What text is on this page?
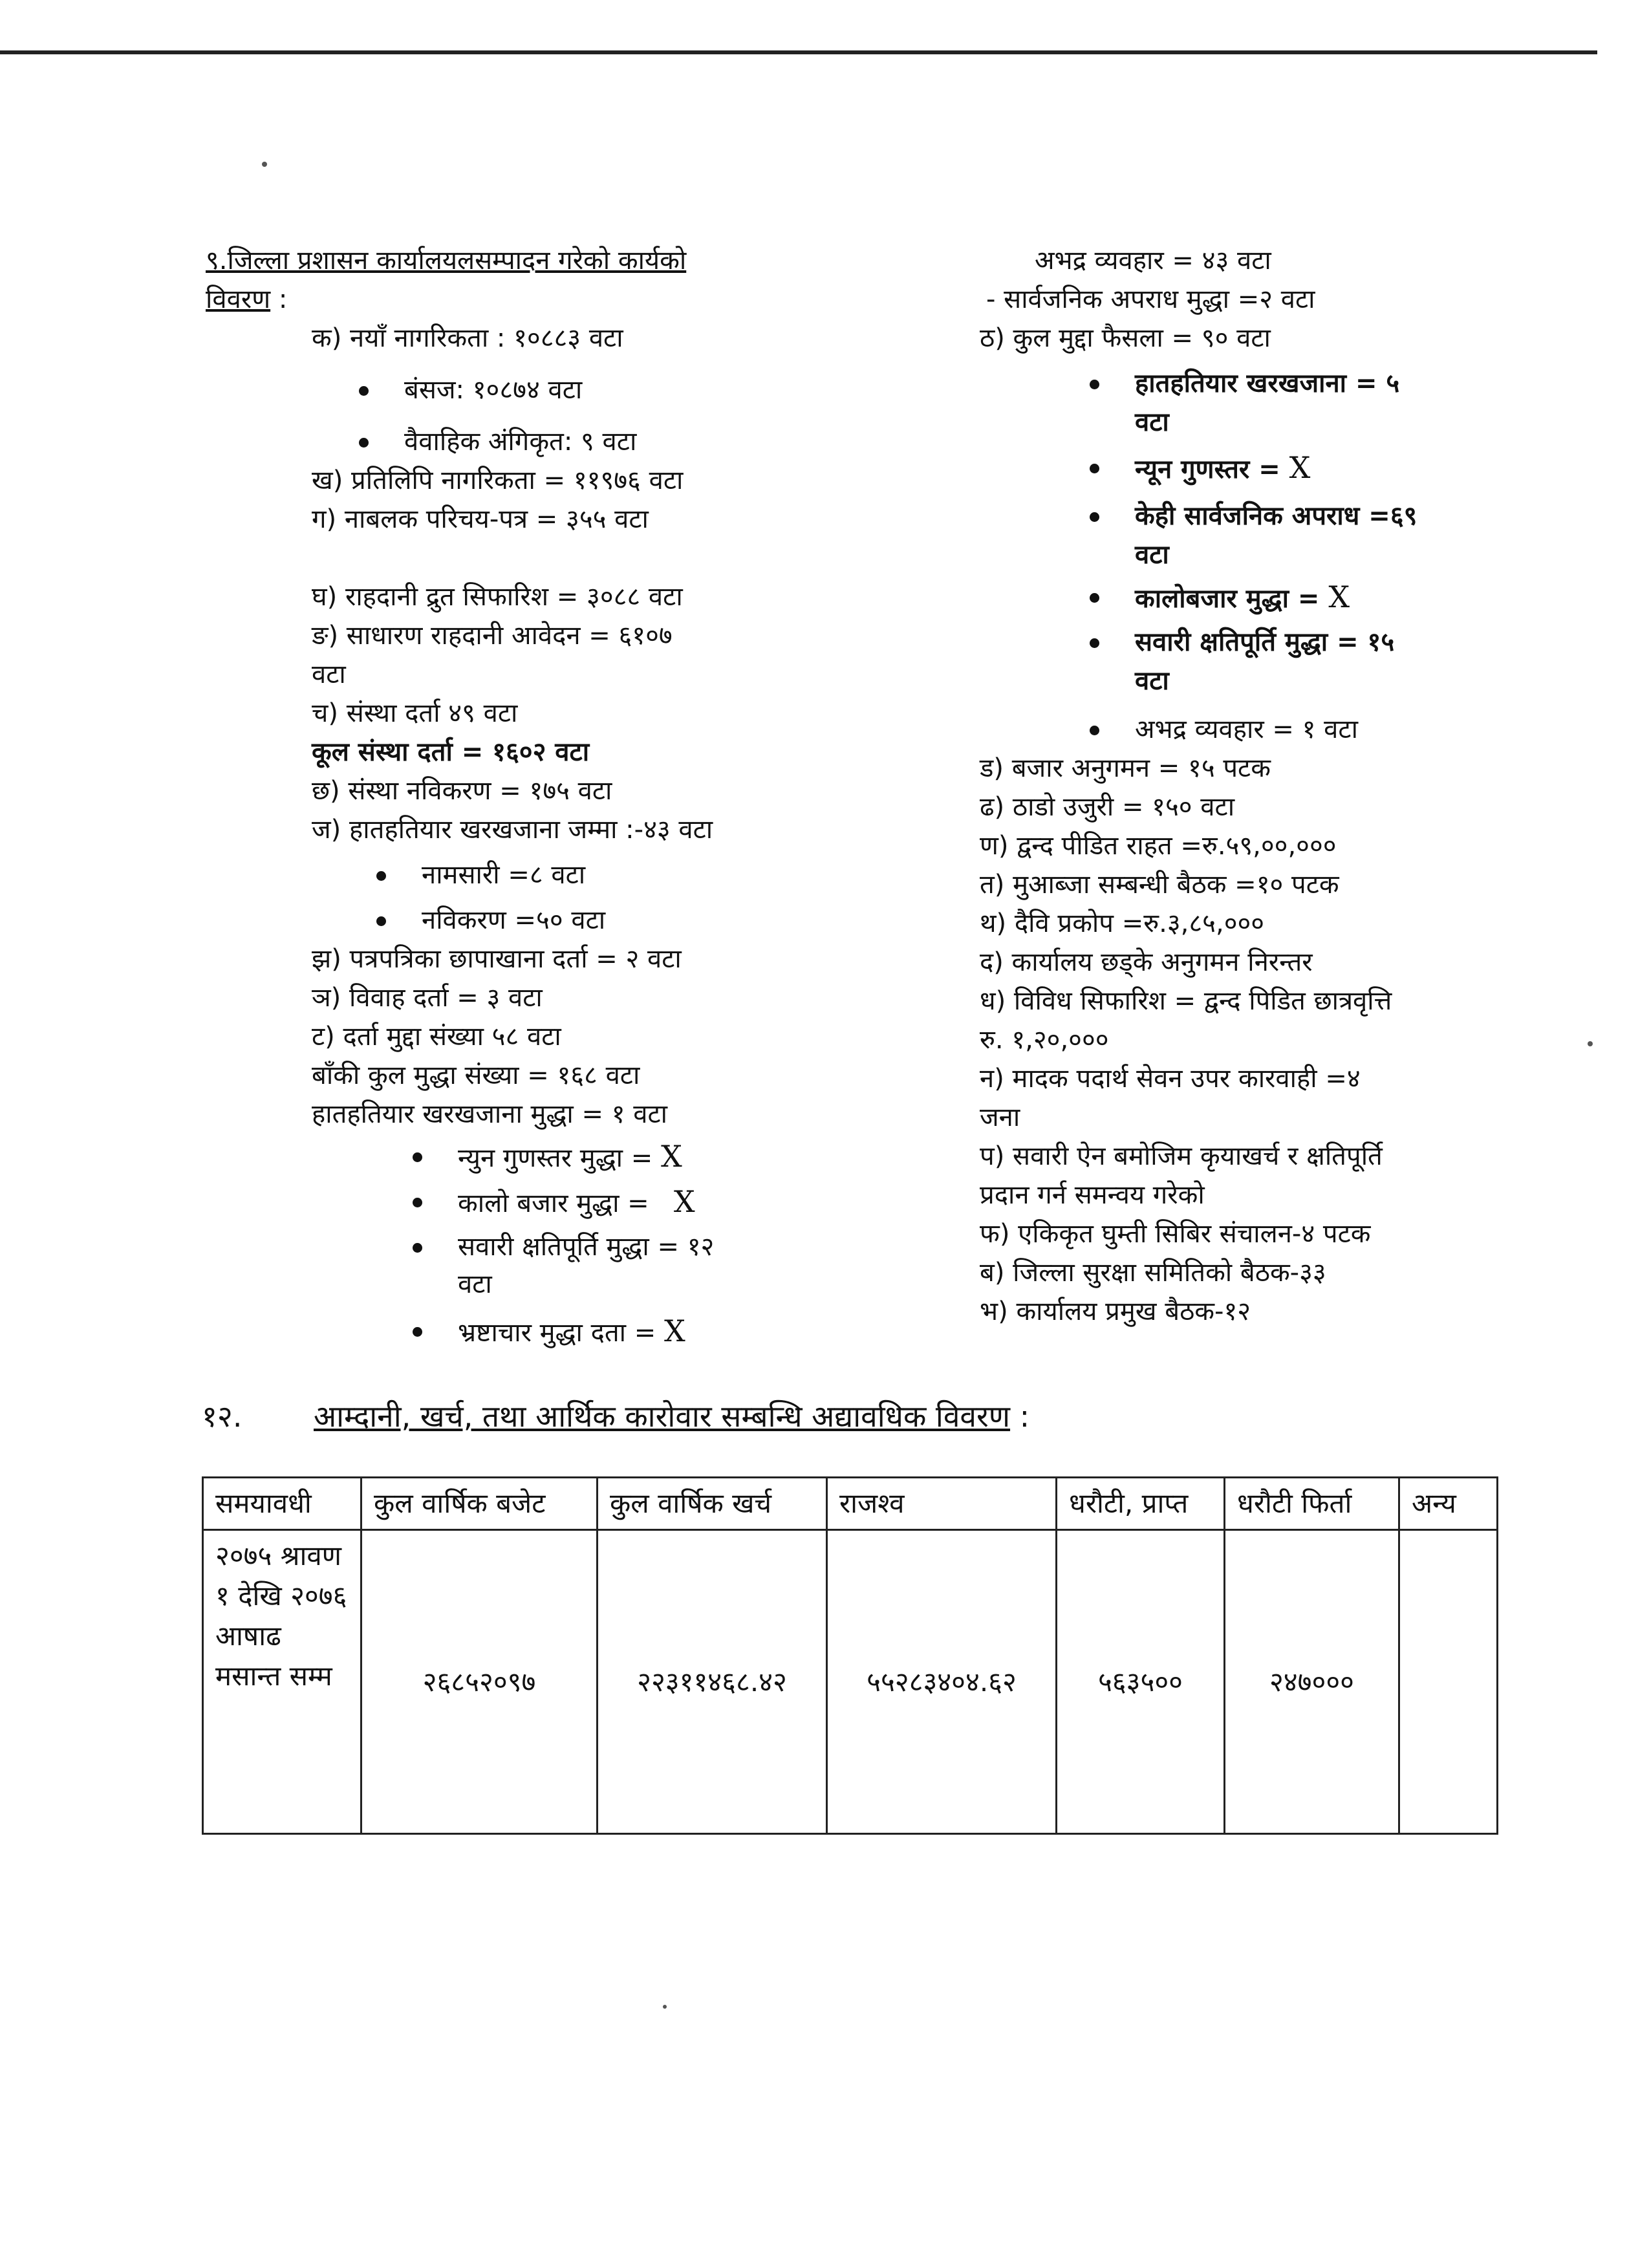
९.जिल्ला प्रशासन कार्यालयलसम्पादन गरेको कार्यको
विवरण :
क) नयाँ नागरिकता : १०८८३ वटा
बंसज: १०८७४ वटा
वैवाहिक अंगिकृत: ९ वटा
ख) प्रतिलिपि नागरिकता = ११९७६ वटा
ग) नाबलक परिचय-पत्र = ३५५ वटा
घ) राहदानी द्रुत सिफारिश = ३०८८ वटा
ङ) साधारण राहदानी आवेदन = ६१०७
वटा
च) संस्था दर्ता ४९ वटा
कूल संस्था दर्ता = १६०२ वटा
छ) संस्था नविकरण = १७५ वटा
ज) हातहतियार खरखजाना जम्मा :-४३ वटा
नामसारी =८ वटा
नविकरण =५० वटा
झ) पत्रपत्रिका छापाखाना दर्ता = २ वटा
ञ) विवाह दर्ता = ३ वटा
ट) दर्ता मुद्दा संख्या ५८ वटा
बाँकी कुल मुद्धा संख्या = १६८ वटा
हातहतियार खरखजाना मुद्धा = १ वटा
न्युन गुणस्तर मुद्धा = X
कालो बजार मुद्धा = X
सवारी क्षतिपूर्ति मुद्धा = १२
वटा
भ्रष्टाचार मुद्धा दता = X
अभद्र व्यवहार = ४३ वटा
- सार्वजनिक अपराध मुद्धा =२ वटा
ठ) कुल मुद्दा फैसला = ९० वटा
हातहतियार खरखजाना = ५
वटा
न्यून गुणस्तर = X
केही सार्वजनिक अपराध =६९
वटा
कालोबजार मुद्धा = X
सवारी क्षतिपूर्ति मुद्धा = १५
वटा
अभद्र व्यवहार = १ वटा
ड) बजार अनुगमन = १५ पटक
ढ) ठाडो उजुरी = १५० वटा
ण) द्वन्द पीडित राहत =रु.५९,००,०००
त) मुआब्जा सम्बन्धी बैठक =१० पटक
थ) दैवि प्रकोप =रु.३,८५,०००
द) कार्यालय छड्के अनुगमन निरन्तर
ध) विविध सिफारिश = द्वन्द पिडित छात्रवृत्ति
रु. १,२०,०००
न) मादक पदार्थ सेवन उपर कारवाही =४
जना
प) सवारी ऐन बमोजिम कृयाखर्च र क्षतिपूर्ति
प्रदान गर्न समन्वय गरेको
फ) एकिकृत घुम्ती सिबिर संचालन-४ पटक
ब) जिल्ला सुरक्षा समितिको बैठक-३३
भ) कार्यालय प्रमुख बैठक-१२
१२. आम्दानी, खर्च, तथा आर्थिक कारोवार सम्बन्धि अद्यावधिक विवरण :
समयावधी	कुल वार्षिक बजेट	कुल वार्षिक खर्च	राजश्व	धरौटी, प्राप्त	धरौटी फिर्ता	अन्य
२०७५ श्रावण १ देखि २०७६ आषाढ मसान्त सम्म	२६८५२०९७	२२३११४६८.४२	५५२८३४०४.६२	५६३५००	२४७०००	
